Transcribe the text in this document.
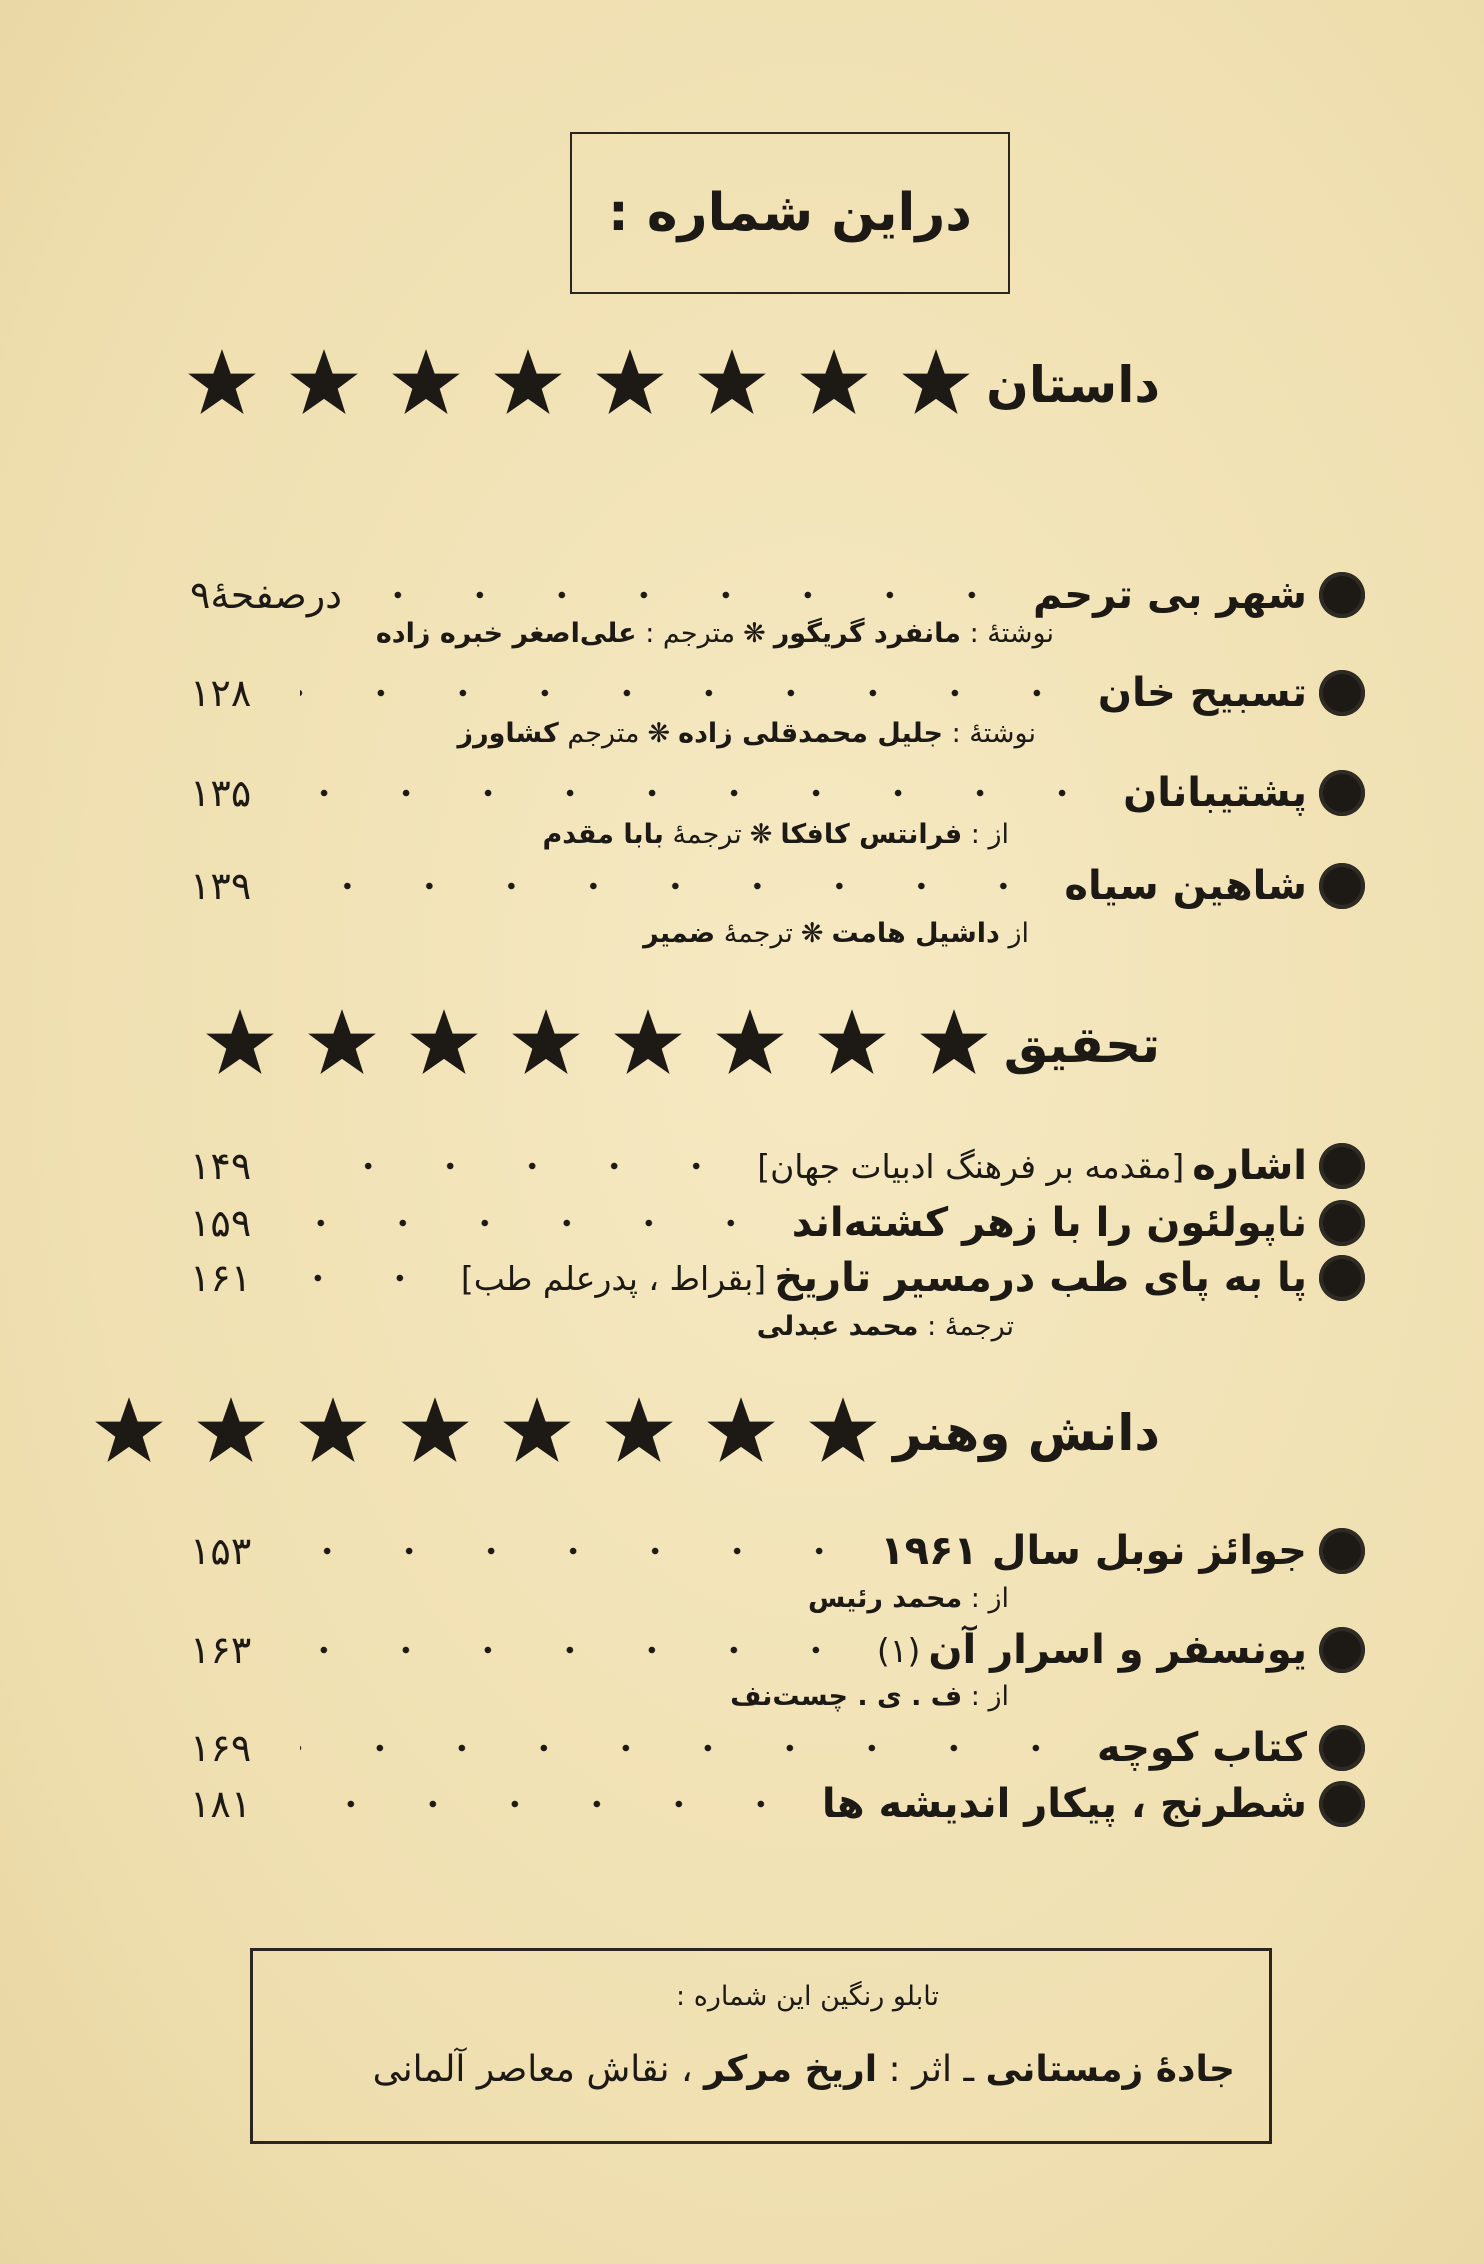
دراین شماره :
داستان
شهر بی ترحم
درصفحهٔ۹
نوشتهٔ :

مانفرد گریگور
❋
مترجم :

علی‌اصغر خبره زاده
تسبیح خان
۱۲۸
نوشتهٔ :

جلیل محمدقلی زاده
❋
مترجم

کشاورز
پشتیبانان
۱۳۵
از :

فرانتس کافکا
❋
ترجمهٔ

بابا مقدم
شاهین سیاه
۱۳۹
از

داشیل هامت
❋
ترجمهٔ

ضمیر
تحقیق
اشاره
[مقدمه بر فرهنگ ادبیات جهان]
۱۴۹
ناپولئون را با زهر کشته‌اند
۱۵۹
پا به پای طب درمسیر تاریخ
[بقراط ، پدرعلم طب]
۱۶۱
ترجمهٔ :

محمد عبدلی
دانش وهنر
جوائز نوبل سال ۱۹۶۱
۱۵۳
از :

محمد رئیس
یونسفر و اسرار آن
(۱)
۱۶۳
از :

ف . ی . چست‌نف
کتاب کوچه
۱۶۹
شطرنج ، پیکار اندیشه ها
۱۸۱
تابلو رنگین این شماره :
جادهٔ زمستانی ـ اثر : اریخ مرکر ، نقاش معاصر آلمانی
